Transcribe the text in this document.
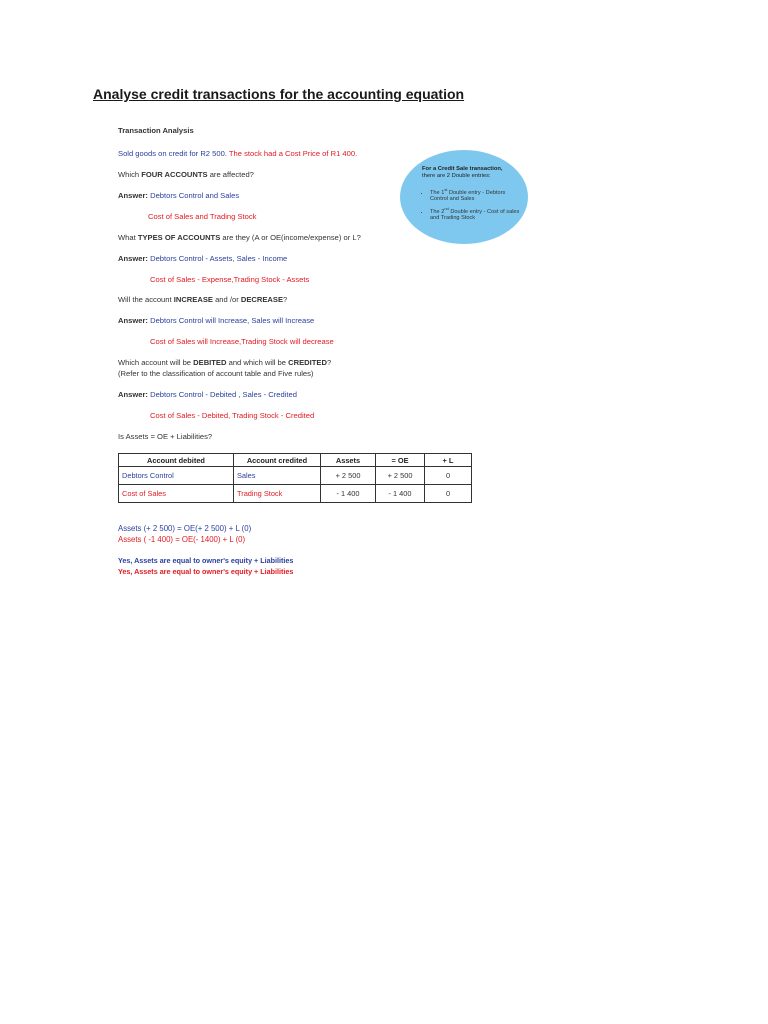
Analyse credit transactions for the accounting equation
Transaction Analysis
Sold goods on credit for R2 500. The stock had a Cost Price of R1 400.
Which FOUR ACCOUNTS are affected?
Answer: Debtors Control and Sales
Cost of Sales and Trading Stock
What TYPES OF ACCOUNTS are they (A or OE(income/expense) or L?
Answer: Debtors Control - Assets, Sales - Income
Cost of Sales - Expense,Trading Stock - Assets
Will the account INCREASE and /or DECREASE?
Answer: Debtors Control will Increase, Sales will Increase
Cost of Sales will Increase,Trading Stock will decrease
Which account will be DEBITED and which will be CREDITED?
(Refer to the classification of account table and Five rules)
Answer: Debtors Control - Debited , Sales - Credited
Cost of Sales - Debited, Trading Stock - Credited
Is Assets = OE + Liabilities?
Account debited	Account credited	Assets	= OE	+ L
Debtors Control	Sales	+ 2 500	+ 2 500	0
Cost of Sales	Trading Stock	- 1 400	- 1 400	0
Assets (+ 2 500) = OE(+ 2 500) + L (0)
Assets ( -1 400) = OE(- 1400) + L (0)
Yes, Assets are equal to owner's equity + Liabilities
Yes, Assets are equal to owner's equity + Liabilities
For a Credit Sale transaction,
there are 2 Double entries:
• The 1st Double entry - Debtors Control and Sales
• The 2nd Double entry - Cost of sales and Trading Stock
